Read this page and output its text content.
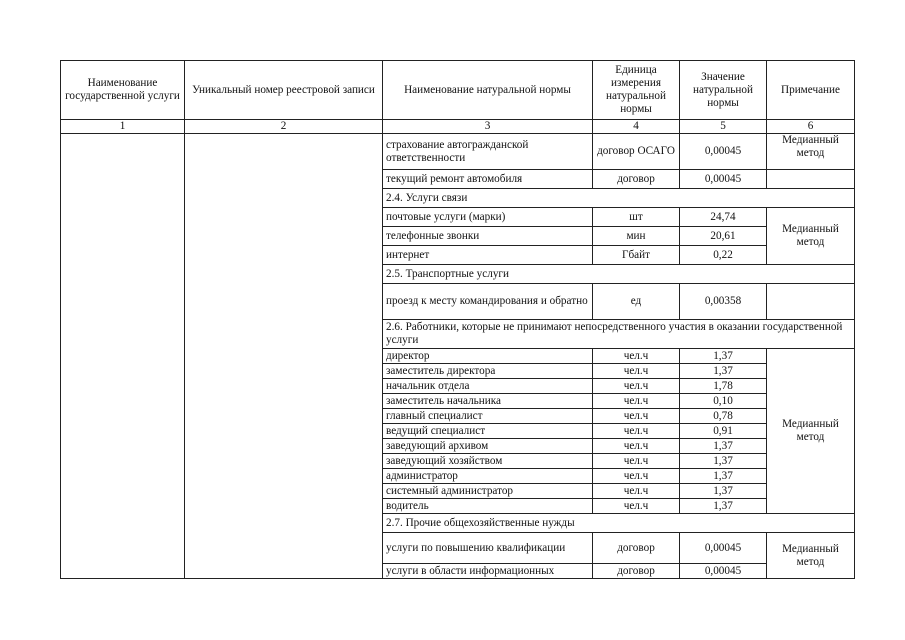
Наименование государственной услуги	Уникальный номер реестровой записи	Наименование натуральной нормы	Единица измерения натуральной нормы	Значение натуральной нормы	Примечание
1	2	3	4	5	6
		страхование автогражданской ответственности	договор ОСАГО	0,00045	Медианный метод
		текущий ремонт автомобиля	договор	0,00045	
		2.4. Услуги связи			
		почтовые услуги (марки)	шт	24,74	Медианный метод
		телефонные звонки	мин	20,61	
		интернет	Гбайт	0,22	
		2.5. Транспортные услуги			
		проезд к месту командирования и обратно	ед	0,00358	
		2.6. Работники, которые не принимают непосредственного участия в оказании государственной услуги			
		директор	чел.ч	1,37	Медианный метод
		заместитель директора	чел.ч	1,37	
		начальник отдела	чел.ч	1,78	
		заместитель начальника	чел.ч	0,10	
		главный специалист	чел.ч	0,78	
		ведущий специалист	чел.ч	0,91	
		заведующий архивом	чел.ч	1,37	
		заведующий хозяйством	чел.ч	1,37	
		администратор	чел.ч	1,37	
		системный администратор	чел.ч	1,37	
		водитель	чел.ч	1,37	
		2.7. Прочие общехозяйственные нужды			
		услуги по повышению квалификации	договор	0,00045	Медианный метод
		услуги в области информационных	договор	0,00045	
